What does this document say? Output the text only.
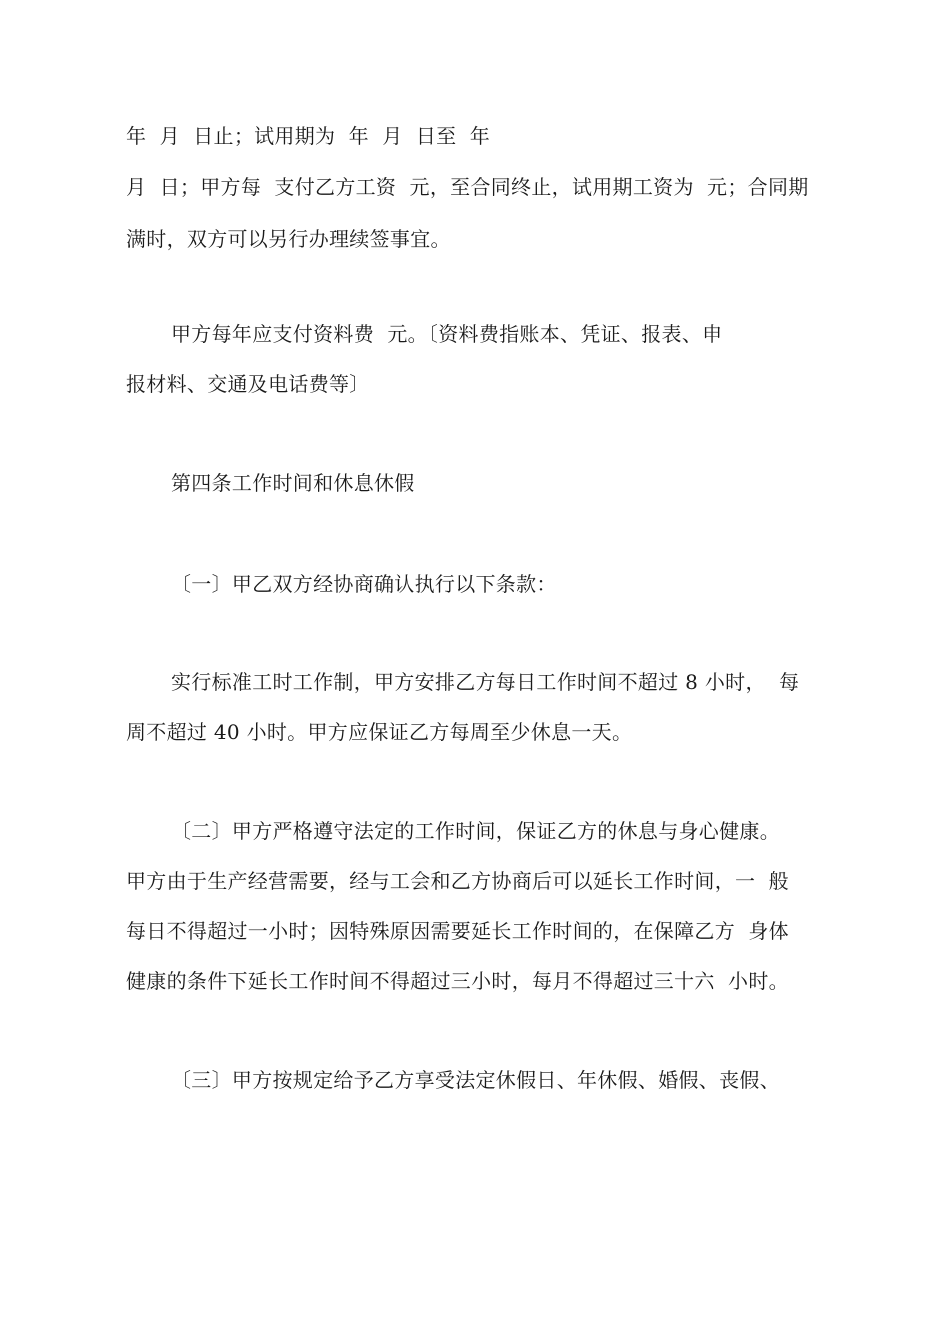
年  月  日止；试用期为  年  月  日至  年
月  日；甲方每  支付乙方工资  元，至合同终止，试用期工资为  元；合同期
满时，双方可以另行办理续签事宜。
甲方每年应支付资料费  元。〔资料费指账本、凭证、报表、申
报材料、交通及电话费等〕
第四条工作时间和休息休假
〔一〕甲乙双方经协商确认执行以下条款：
实行标准工时工作制，甲方安排乙方每日工作时间不超过 8 小时，  每
周不超过 40 小时。甲方应保证乙方每周至少休息一天。
〔二〕甲方严格遵守法定的工作时间，保证乙方的休息与身心健康。
甲方由于生产经营需要，经与工会和乙方协商后可以延长工作时间，一  般
每日不得超过一小时；因特殊原因需要延长工作时间的，在保障乙方  身体
健康的条件下延长工作时间不得超过三小时，每月不得超过三十六  小时。
〔三〕甲方按规定给予乙方享受法定休假日、年休假、婚假、丧假、
